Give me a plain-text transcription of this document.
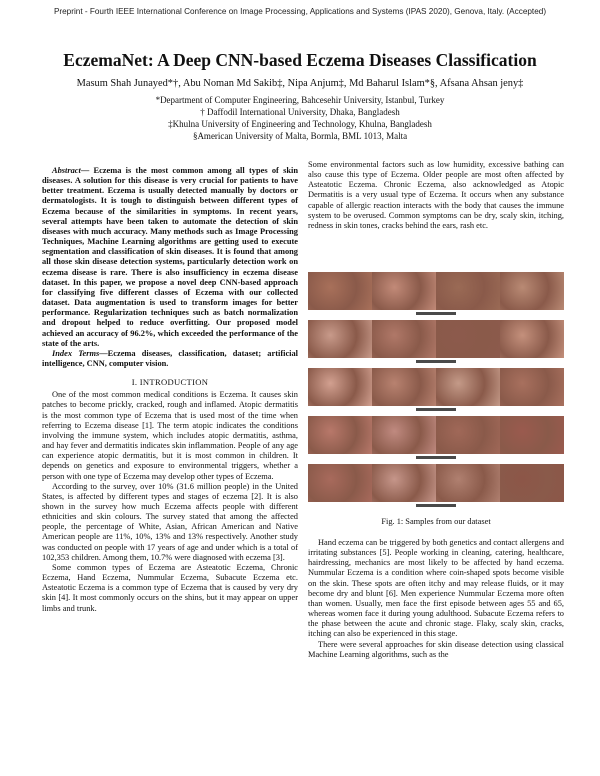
Preprint - Fourth IEEE International Conference on Image Processing, Applications and Systems (IPAS 2020), Genova, Italy. (Accepted)
EczemaNet: A Deep CNN-based Eczema Diseases Classification
Masum Shah Junayed*†, Abu Noman Md Sakib‡, Nipa Anjum‡, Md Baharul Islam*§, Afsana Ahsan jeny‡
*Department of Computer Engineering, Bahcesehir University, Istanbul, Turkey
† Daffodil International University, Dhaka, Bangladesh
‡Khulna University of Engineering and Technology, Khulna, Bangladesh
§American University of Malta, Bormla, BML 1013, Malta

Abstract— Eczema is the most common among all types of skin diseases. A solution for this disease is very crucial for patients to have better treatment. Eczema is usually detected manually by doctors or dermatologists. It is tough to distinguish between different types of Eczema because of the similarities in symptoms. In recent years, several attempts have been taken to automate the detection of skin diseases with much accuracy. Many methods such as Image Processing Techniques, Machine Learning algorithms are getting used to execute segmentation and classification of skin diseases. It is found that among all those skin disease detection systems, particularly detection work on eczema disease is rare. There is also insufficiency in eczema disease dataset. In this paper, we propose a novel deep CNN-based approach for classifying five different classes of Eczema with our collected dataset. Data augmentation is used to transform images for better performance. Regularization techniques such as batch normalization and dropout helped to reduce overfitting. Our proposed model achieved an accuracy of 96.2%, which exceeded the performance of the state of the arts.

Index Terms—Eczema diseases, classification, dataset; artificial intelligence, CNN, computer vision.

I. INTRODUCTION

One of the most common medical conditions is Eczema. It causes skin patches to become prickly, cracked, rough and inflamed. Atopic dermatitis is the most common type of Eczema that is used most of the time when referring to Eczema disease [1]. The term atopic indicates the conditions involving the immune system, which includes atopic dermatitis, asthma, and hay fever and dermatitis indicates skin inflammation. People of any age can experience atopic dermatitis, but it is most common in children. It depends on genetics and exposure to environmental triggers, whether a person with one type of Eczema may develop other types of Eczema.

According to the survey, over 10% (31.6 million people) in the United States, is affected by different types and stages of eczema [2]. It is also shown in the survey how much Eczema affects people with different ethnicities and skin colours. The survey stated that among the affected people, the percentage of White, Asian, African American and Native American people are 11%, 10%, 13% and 13% respectively. Another study was conducted on people with 17 years of age and under which is a total of 102,353 children. Among them, 10.7% were diagnosed with eczema [3].

Some common types of Eczema are Asteatotic Eczema, Chronic Eczema, Hand Eczema, Nummular Eczema, Subacute Eczema etc. Asteatotic Eczema is a common type of Eczema that is caused by very dry skin [4]. It most commonly occurs on the shins, but it may appear on upper limbs and trunk.

Some environmental factors such as low humidity, excessive bathing can also cause this type of Eczema. Older people are most often affected by Asteatotic Eczema. Chronic Eczema, also acknowledged as Atopic Dermatitis is a very usual type of Eczema. It occurs when any substance capable of allergic reaction interacts with the body that causes the immune system to be overused. Common symptoms can be dry, scaly skin, itching, redness in skin tones, cracks behind the ears, rash etc.

Fig. 1: Samples from our dataset

Hand eczema can be triggered by both genetics and contact allergens and irritating substances [5]. People working in cleaning, catering, healthcare, hairdressing, mechanics are most likely to be affected by hand eczema. Nummular Eczema is a condition where coin-shaped spots become visible on the skin. These spots are often itchy and may release fluids, or it may become dry and blunt [6]. Men experience Nummular Eczema more often than women. Usually, men face the first episode between ages 55 and 65, whereas women face it during young adulthood. Subacute Eczema refers to the phase between the acute and chronic stage. Flaky, scaly skin, cracks, itching can also be experienced in this stage.

There were several approaches for skin disease detection using classical Machine Learning algorithms, such as the
